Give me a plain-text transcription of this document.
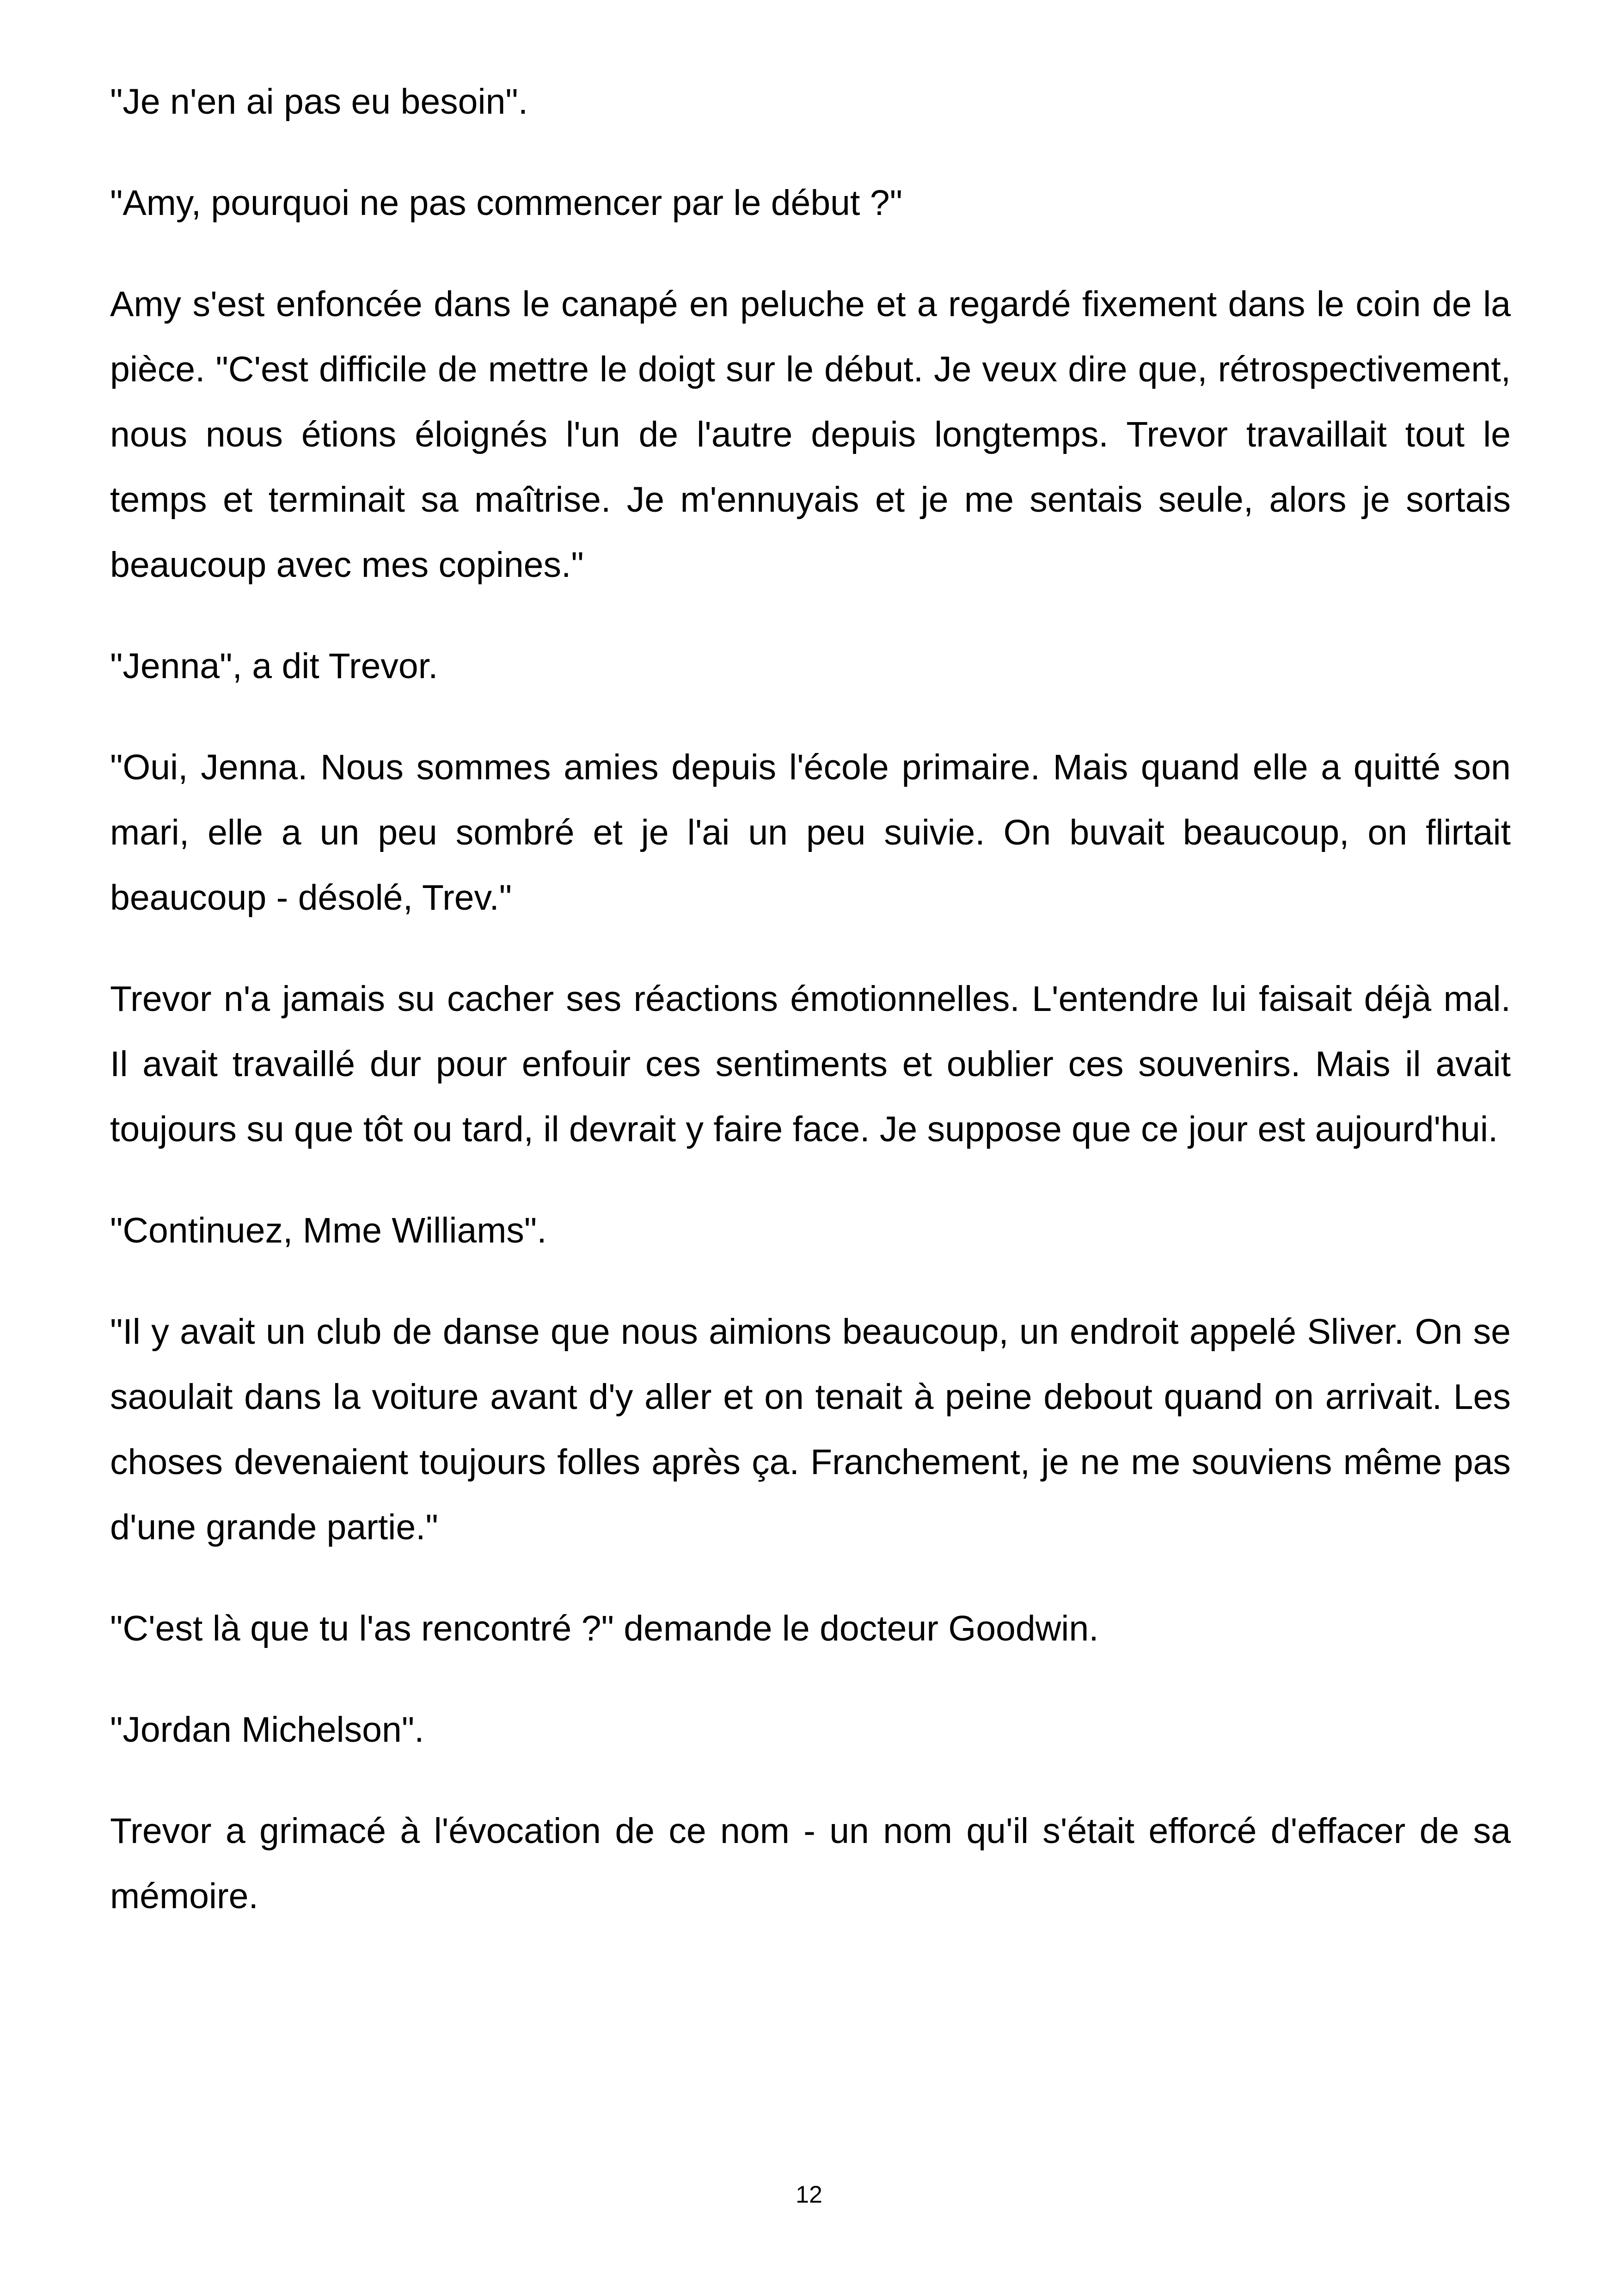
"Je n'en ai pas eu besoin".

"Amy, pourquoi ne pas commencer par le début ?"

Amy s'est enfoncée dans le canapé en peluche et a regardé fixement dans le coin de la pièce. "C'est difficile de mettre le doigt sur le début. Je veux dire que, rétrospectivement, nous nous étions éloignés l'un de l'autre depuis longtemps. Trevor travaillait tout le temps et terminait sa maîtrise. Je m'ennuyais et je me sentais seule, alors je sortais beaucoup avec mes copines."

"Jenna", a dit Trevor.

"Oui, Jenna. Nous sommes amies depuis l'école primaire. Mais quand elle a quitté son mari, elle a un peu sombré et je l'ai un peu suivie. On buvait beaucoup, on flirtait beaucoup - désolé, Trev."

Trevor n'a jamais su cacher ses réactions émotionnelles. L'entendre lui faisait déjà mal. Il avait travaillé dur pour enfouir ces sentiments et oublier ces souvenirs. Mais il avait toujours su que tôt ou tard, il devrait y faire face. Je suppose que ce jour est aujourd'hui.

"Continuez, Mme Williams".

"Il y avait un club de danse que nous aimions beaucoup, un endroit appelé Sliver. On se saoulait dans la voiture avant d'y aller et on tenait à peine debout quand on arrivait. Les choses devenaient toujours folles après ça. Franchement, je ne me souviens même pas d'une grande partie."

"C'est là que tu l'as rencontré ?" demande le docteur Goodwin.

"Jordan Michelson".

Trevor a grimacé à l'évocation de ce nom - un nom qu'il s'était efforcé d'effacer de sa mémoire.

12
